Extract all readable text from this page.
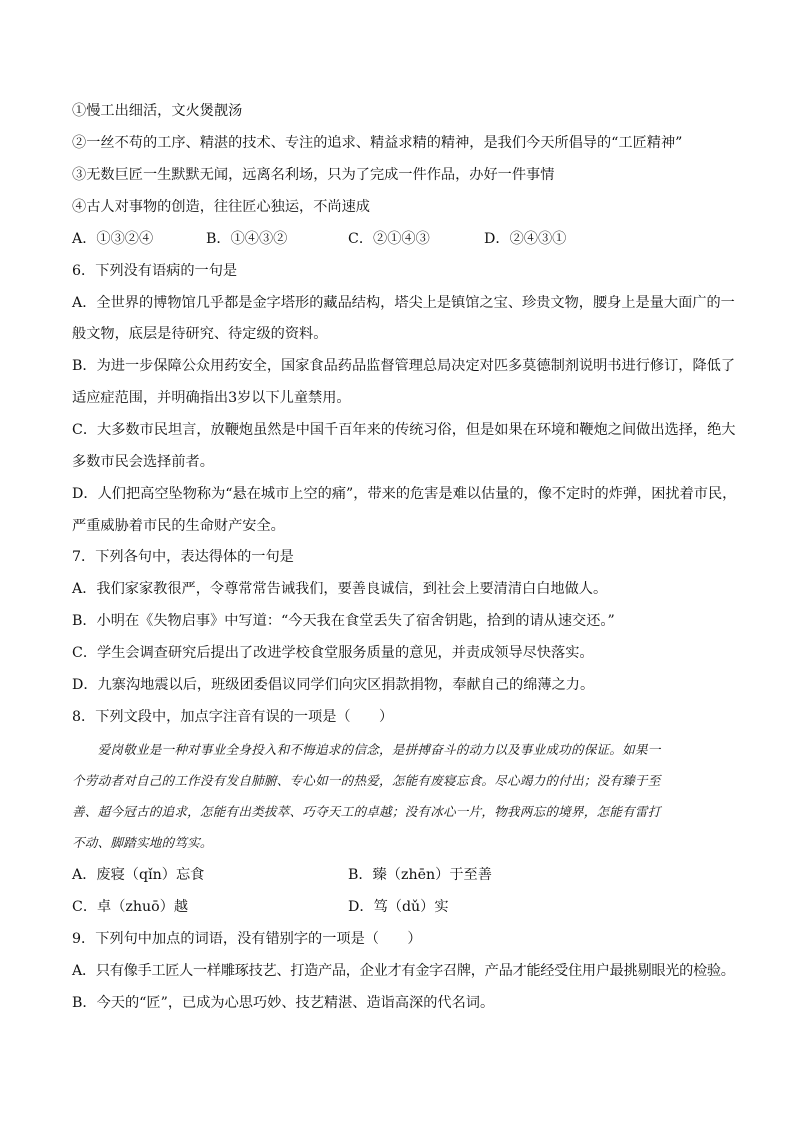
①慢工出细活，文火煲靓汤
②一丝不苟的工序、精湛的技术、专注的追求、精益求精的精神，是我们今天所倡导的“工匠精神”
③无数巨匠一生默默无闻，远离名利场，只为了完成一件作品，办好一件事情
④古人对事物的创造，往往匠心独运，不尚速成
A．①③②④	B．①④③②	C．②①④③	D．②④③①
6．下列没有语病的一句是
A．全世界的博物馆几乎都是金字塔形的藏品结构，塔尖上是镇馆之宝、珍贵文物，腰身上是量大面广的一
般文物，底层是待研究、待定级的资料。
B．为进一步保障公众用药安全，国家食品药品监督管理总局决定对匹多莫德制剂说明书进行修订，降低了
适应症范围，并明确指出3岁以下儿童禁用。
C．大多数市民坦言，放鞭炮虽然是中国千百年来的传统习俗，但是如果在环境和鞭炮之间做出选择，绝大
多数市民会选择前者。
D．人们把高空坠物称为“悬在城市上空的痛”，带来的危害是难以估量的，像不定时的炸弹，困扰着市民，
严重威胁着市民的生命财产安全。
7．下列各句中，表达得体的一句是
A．我们家家教很严，令尊常常告诫我们，要善良诚信，到社会上要清清白白地做人。
B．小明在《失物启事》中写道：“今天我在食堂丢失了宿舍钥匙，拾到的请从速交还。”
C．学生会调查研究后提出了改进学校食堂服务质量的意见，并责成领导尽快落实。
D．九寨沟地震以后，班级团委倡议同学们向灾区捐款捐物，奉献自己的绵薄之力。
8．下列文段中，加点字注音有误的一项是（　　）
　　爱岗敬业是一种对事业全身投入和不悔追求的信念，是拼搏奋斗的动力以及事业成功的保证。如果一
个劳动者对自己的工作没有发自肺腑、专心如一的热爱，怎能有废寝忘食。尽心竭力的付出；没有臻于至
善、超今冠古的追求，怎能有出类拔萃、巧夺天工的卓越；没有冰心一片，物我两忘的境界，怎能有雷打
不动、脚踏实地的笃实。
A．废寝（qǐn）忘食	B．臻（zhēn）于至善
C．卓（zhuō）越	D．笃（dǔ）实
9．下列句中加点的词语，没有错别字的一项是（　　）
A．只有像手工匠人一样雕琢技艺、打造产品，企业才有金字召牌，产品才能经受住用户最挑剔眼光的检验。
B．今天的“匠”，已成为心思巧妙、技艺精湛、造诣高深的代名词。
